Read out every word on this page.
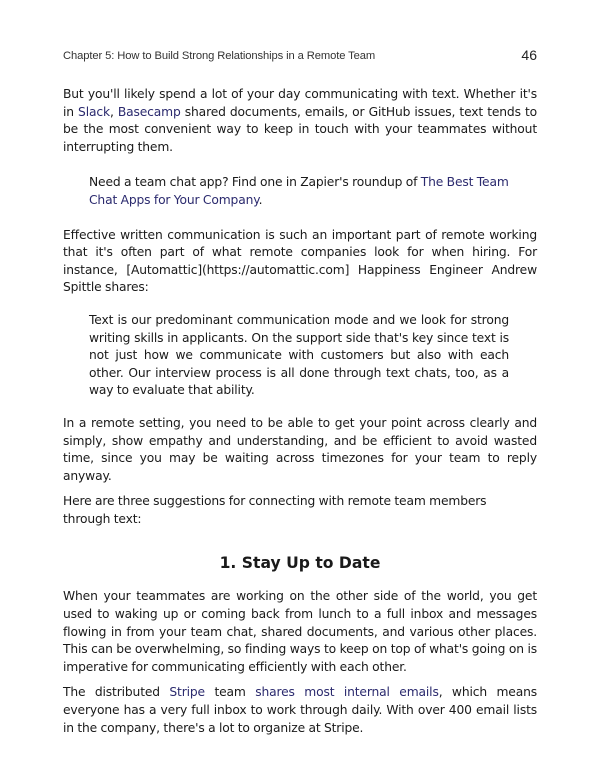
Chapter 5: How to Build Strong Relationships in a Remote Team	46

But you'll likely spend a lot of your day communicating with text. Whether it's in Slack, Basecamp shared documents, emails, or GitHub issues, text tends to be the most convenient way to keep in touch with your teammates without interrupting them.

Need a team chat app? Find one in Zapier's roundup of The Best Team Chat Apps for Your Company.

Effective written communication is such an important part of remote working that it's often part of what remote companies look for when hiring. For instance, [Automattic](https://automattic.com] Happiness Engineer Andrew Spittle shares:

Text is our predominant communication mode and we look for strong writing skills in applicants. On the support side that's key since text is not just how we communicate with customers but also with each other. Our interview process is all done through text chats, too, as a way to evaluate that ability.

In a remote setting, you need to be able to get your point across clearly and simply, show empathy and understanding, and be efficient to avoid wasted time, since you may be waiting across timezones for your team to reply anyway.

Here are three suggestions for connecting with remote team members through text:

1. Stay Up to Date

When your teammates are working on the other side of the world, you get used to waking up or coming back from lunch to a full inbox and messages flowing in from your team chat, shared documents, and various other places. This can be overwhelming, so finding ways to keep on top of what's going on is imperative for communicating efficiently with each other.

The distributed Stripe team shares most internal emails, which means everyone has a very full inbox to work through daily. With over 400 email lists in the company, there's a lot to organize at Stripe.
